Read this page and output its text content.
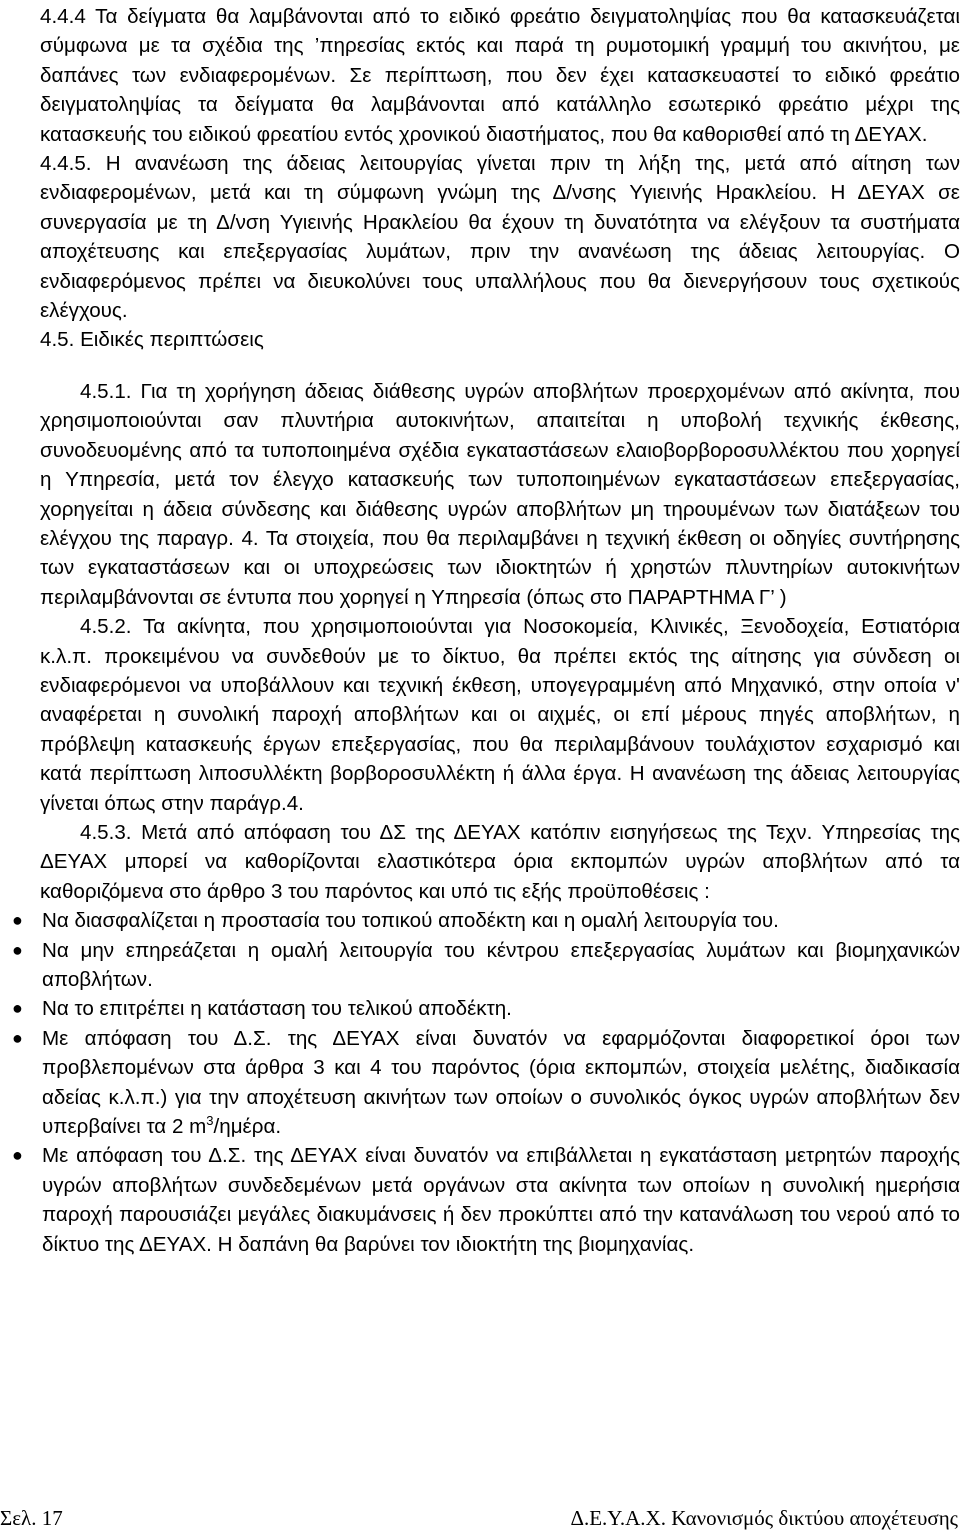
4.4.4 Τα δείγματα θα λαμβάνονται από το ειδικό φρεάτιο δειγματοληψίας που θα κατασκευάζεται σύμφωνα με τα σχέδια της ’πηρεσίας εκτός και παρά τη ρυμοτομική γραμμή του ακινήτου, με δαπάνες των ενδιαφερομένων. Σε περίπτωση, που δεν έχει κατασκευαστεί το ειδικό φρεάτιο δειγματοληψίας τα δείγματα θα λαμβάνονται από κατάλληλο εσωτερικό φρεάτιο μέχρι της κατασκευής του ειδικού φρεατίου εντός χρονικού διαστήματος, που θα καθορισθεί από τη ΔΕΥΑΧ.

4.4.5. Η ανανέωση της άδειας λειτουργίας γίνεται πριν τη λήξη της, μετά από αίτηση των ενδιαφερομένων, μετά και τη σύμφωνη γνώμη της Δ/νσης Υγιεινής Ηρακλείου. Η ΔΕΥΑΧ σε συνεργασία με τη Δ/νση Υγιεινής Ηρακλείου θα έχουν τη δυνατότητα να ελέγξουν τα συστήματα αποχέτευσης και επεξεργασίας λυμάτων, πριν την ανανέωση της άδειας λειτουργίας. Ο ενδιαφερόμενος πρέπει να διευκολύνει τους υπαλλήλους που θα διενεργήσουν τους σχετικούς ελέγχους.

4.5. Ειδικές περιπτώσεις

4.5.1. Για τη χορήγηση άδειας διάθεσης υγρών αποβλήτων προερχομένων από ακίνητα, που χρησιμοποιούνται σαν πλυντήρια αυτοκινήτων, απαιτείται η υποβολή τεχνικής έκθεσης, συνοδευομένης από τα τυποποιημένα σχέδια εγκαταστάσεων ελαιοβορβοροσυλλέκτου που χορηγεί η Υπηρεσία, μετά τον έλεγχο κατασκευής των τυποποιημένων εγκαταστάσεων επεξεργασίας, χορηγείται η άδεια σύνδεσης και διάθεσης υγρών αποβλήτων μη τηρουμένων των διατάξεων του ελέγχου της παραγρ. 4. Τα στοιχεία, που θα περιλαμβάνει η τεχνική έκθεση οι οδηγίες συντήρησης των εγκαταστάσεων και οι υποχρεώσεις των ιδιοκτητών ή χρηστών πλυντηρίων αυτοκινήτων περιλαμβάνονται σε έντυπα που χορηγεί η Υπηρεσία (όπως στο ΠΑΡΑΡΤΗΜΑ Γ’ )

4.5.2. Τα ακίνητα, που χρησιμοποιούνται για Νοσοκομεία, Κλινικές, Ξενοδοχεία, Εστιατόρια κ.λ.π. προκειμένου να συνδεθούν με το δίκτυο, θα πρέπει εκτός της αίτησης για σύνδεση οι ενδιαφερόμενοι να υποβάλλουν και τεχνική έκθεση, υπογεγραμμένη από Μηχανικό, στην οποία ν' αναφέρεται η συνολική παροχή αποβλήτων και οι αιχμές, οι επί μέρους πηγές αποβλήτων, η πρόβλεψη κατασκευής έργων επεξεργασίας, που θα περιλαμβάνουν τουλάχιστον εσχαρισμό και κατά περίπτωση λιποσυλλέκτη βορβοροσυλλέκτη ή άλλα έργα. Η ανανέωση της άδειας λειτουργίας γίνεται όπως στην παράγρ.4.

4.5.3. Μετά από απόφαση του ΔΣ της ΔΕΥΑΧ κατόπιν εισηγήσεως της Τεχν. Υπηρεσίας της ΔΕΥΑΧ μπορεί να καθορίζονται ελαστικότερα όρια εκπομπών υγρών αποβλήτων από τα καθοριζόμενα στο άρθρο 3 του παρόντος και υπό τις εξής προϋποθέσεις :

● Να διασφαλίζεται η προστασία του τοπικού αποδέκτη και η ομαλή λειτουργία του.
● Να μην επηρεάζεται η ομαλή λειτουργία του κέντρου επεξεργασίας λυμάτων και βιομηχανικών αποβλήτων.
● Να το επιτρέπει η κατάσταση του τελικού αποδέκτη.
● Με απόφαση του Δ.Σ. της ΔΕΥΑΧ είναι δυνατόν να εφαρμόζονται διαφορετικοί όροι των προβλεπομένων στα άρθρα 3 και 4 του παρόντος (όρια εκπομπών, στοιχεία μελέτης, διαδικασία αδείας κ.λ.π.) για την αποχέτευση ακινήτων των οποίων ο συνολικός όγκος υγρών αποβλήτων δεν υπερβαίνει τα 2 $m^3$/ημέρα.
● Με απόφαση του Δ.Σ. της ΔΕΥΑΧ είναι δυνατόν να επιβάλλεται η εγκατάσταση μετρητών παροχής υγρών αποβλήτων συνδεδεμένων μετά οργάνων στα ακίνητα των οποίων η συνολική ημερήσια παροχή παρουσιάζει μεγάλες διακυμάνσεις ή δεν προκύπτει από την κατανάλωση του νερού από το δίκτυο της ΔΕΥΑΧ. Η δαπάνη θα βαρύνει τον ιδιοκτήτη της βιομηχανίας.
Σελ. 17	Δ.Ε.Υ.Α.Χ. Κανονισμός δικτύου αποχέτευσης
